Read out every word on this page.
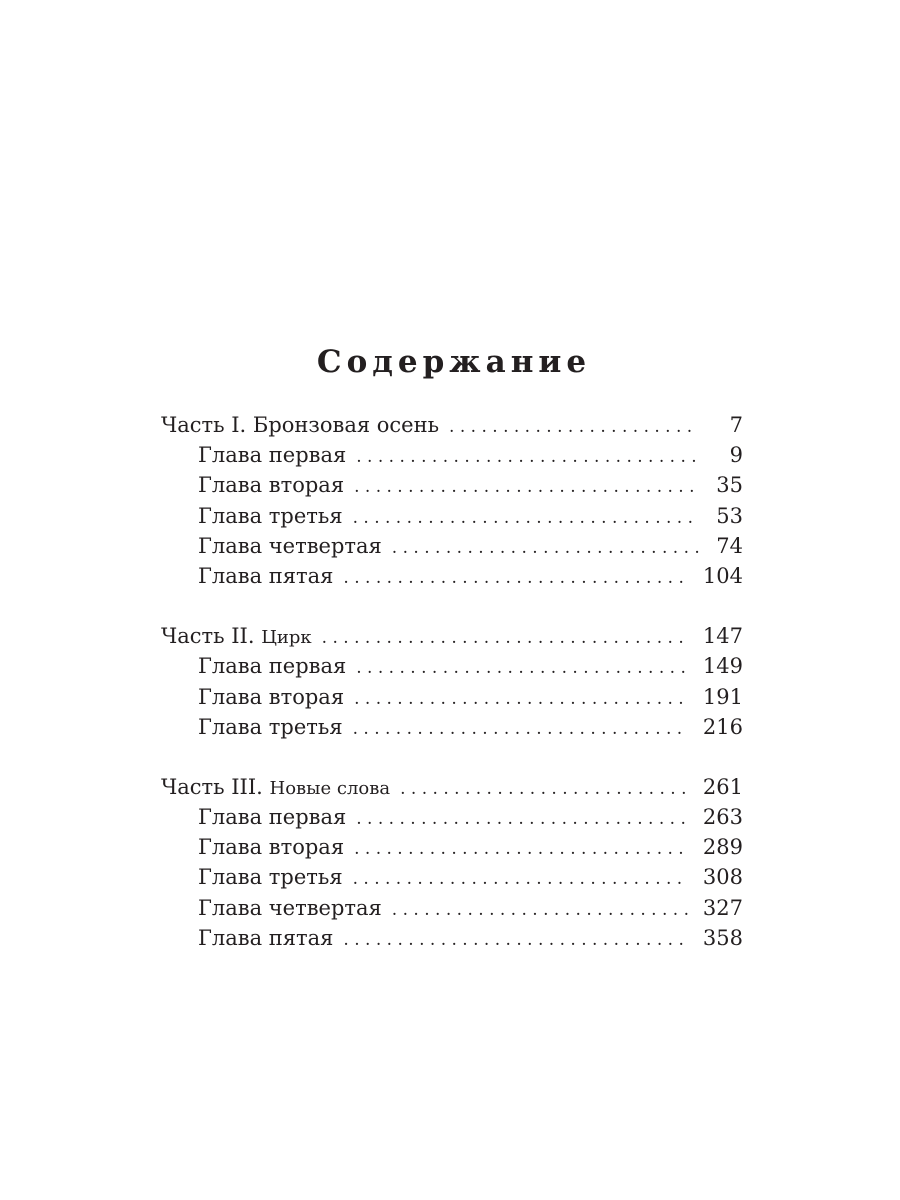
Содержание
Часть I. Бронзовая осень . . .	7
Глава первая . . .	9
Глава вторая . . .	35
Глава третья . . .	53
Глава четвертая . . .	74
Глава пятая . . .	104
Часть II. Цирк . . .	147
Глава первая . . .	149
Глава вторая . . .	191
Глава третья . . .	216
Часть III. Новые слова . . .	261
Глава первая . . .	263
Глава вторая . . .	289
Глава третья . . .	308
Глава четвертая . . .	327
Глава пятая . . .	358
